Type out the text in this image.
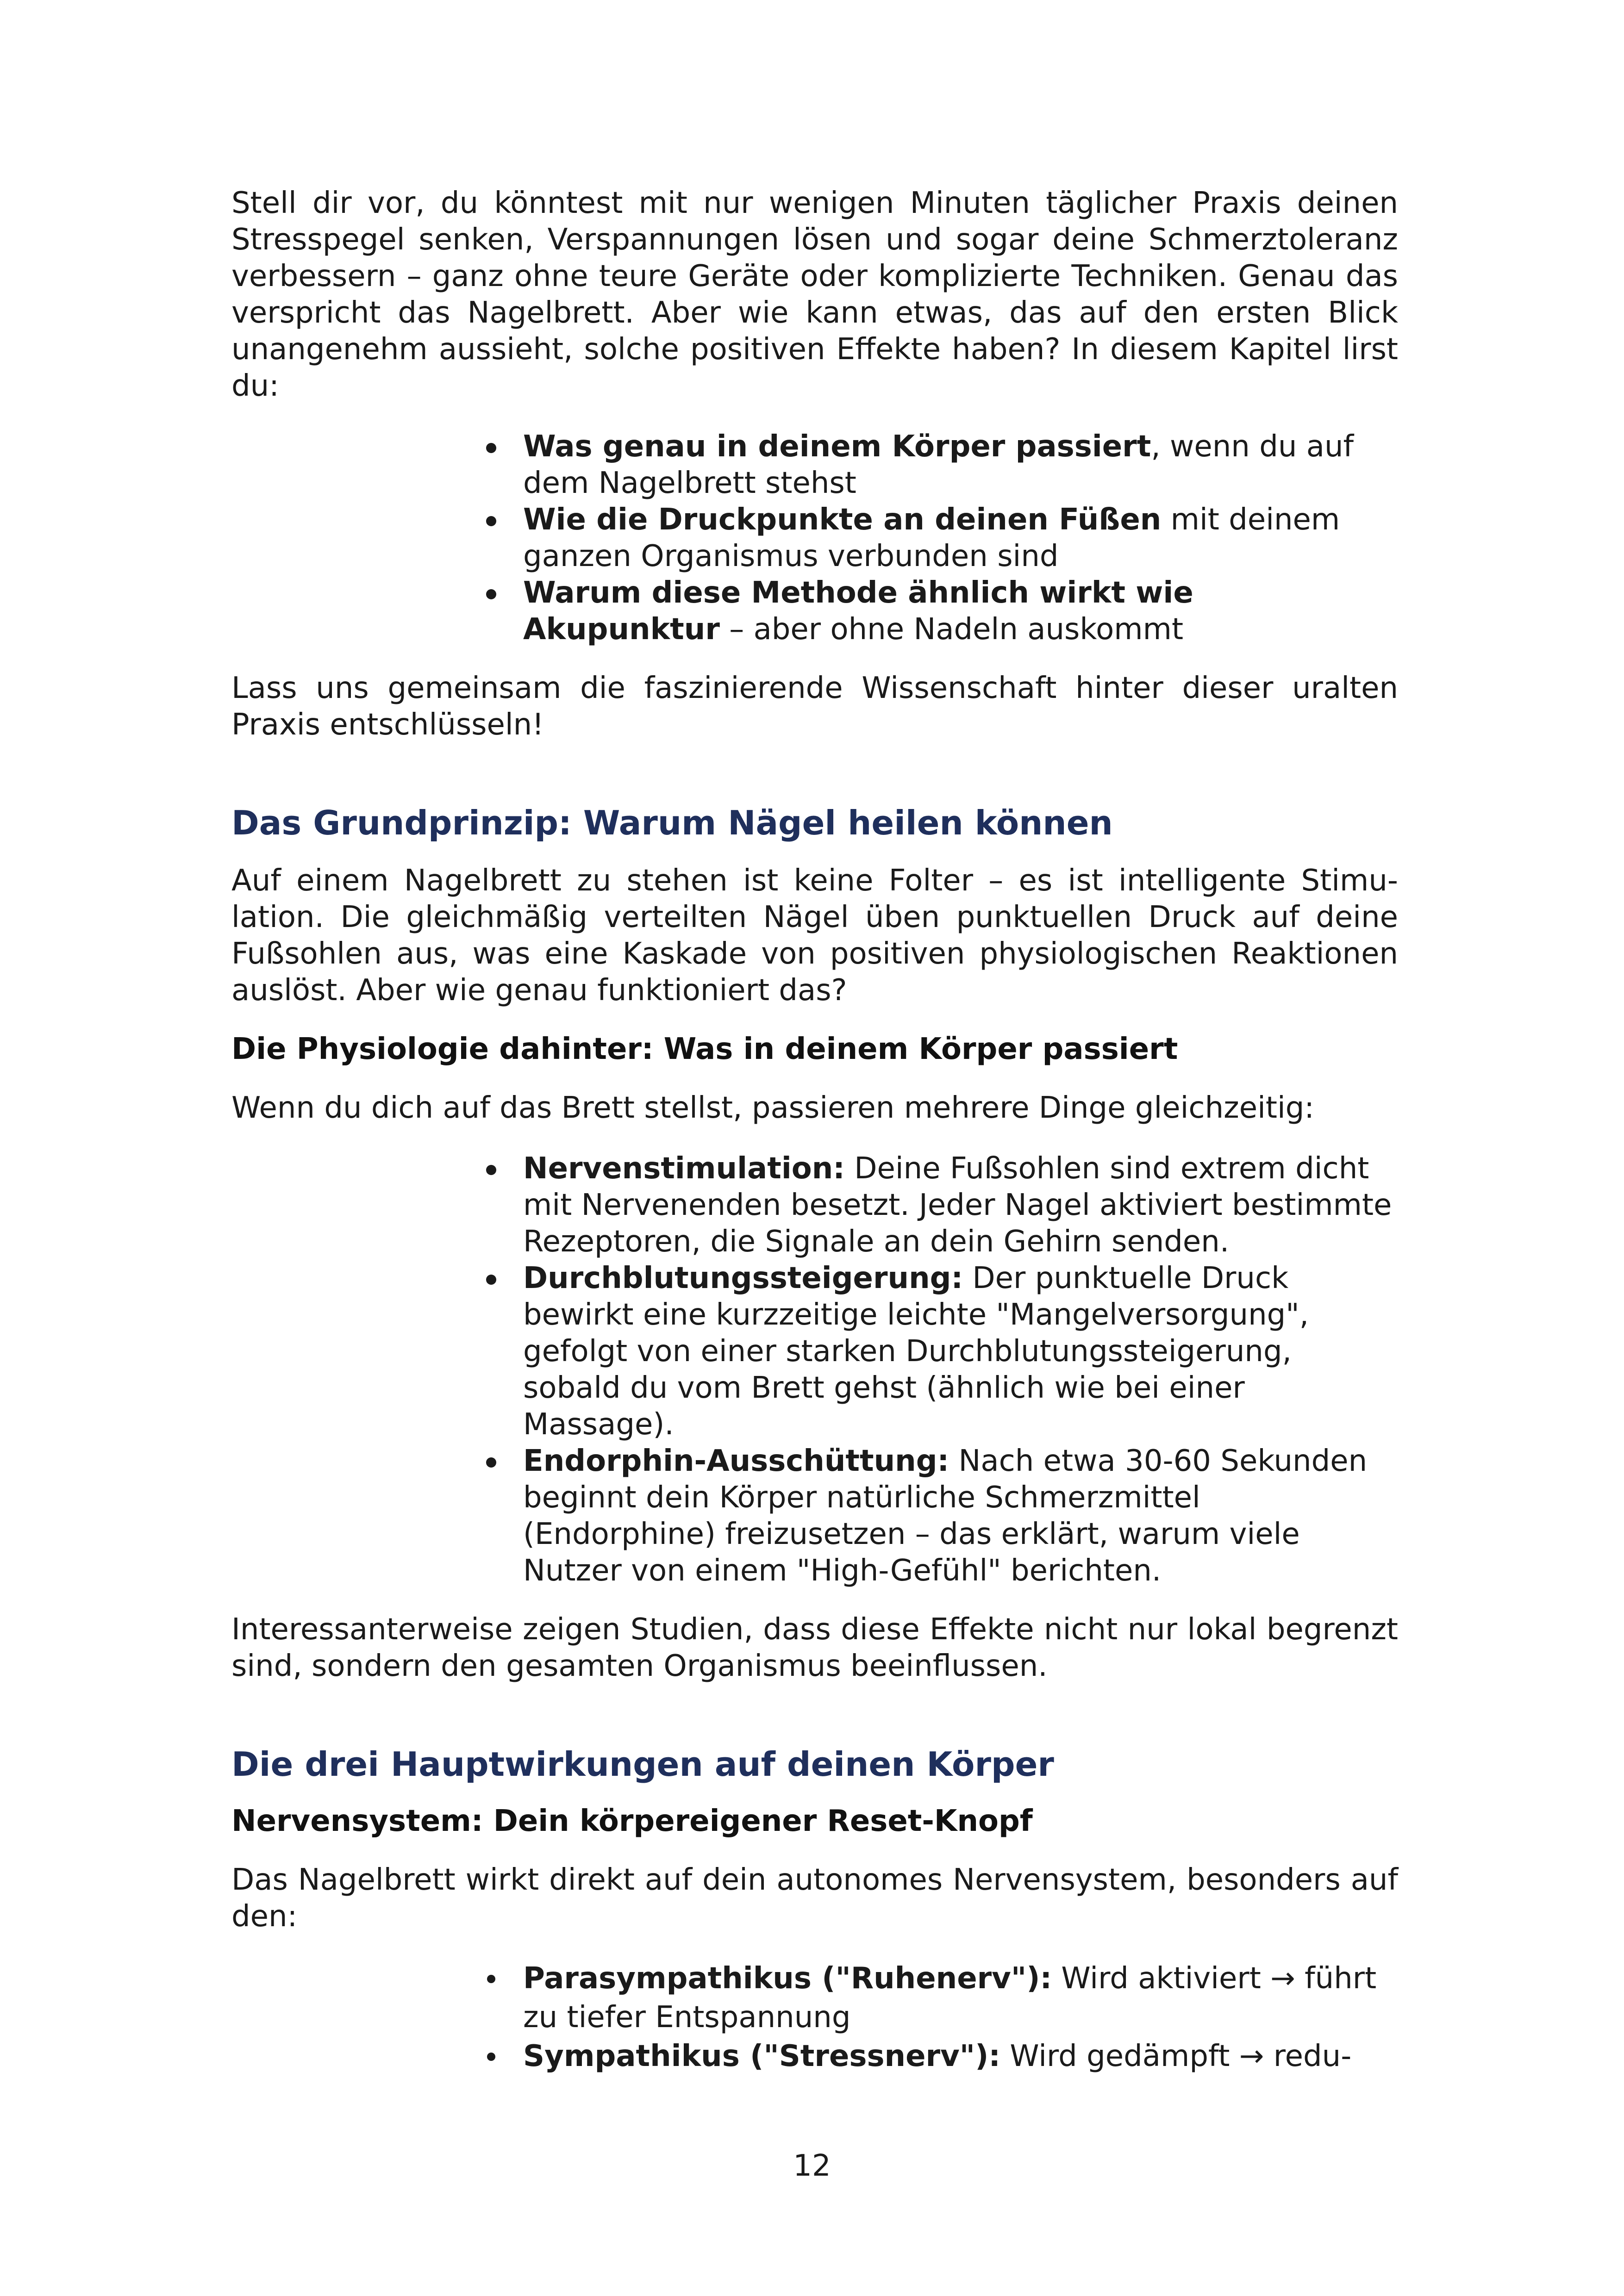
Stell dir vor, du könntest mit nur wenigen Minuten täglicher Praxis deinen Stresspegel senken, Verspannungen lösen und sogar deine Schmerztoleranz verbessern – ganz ohne teure Geräte oder komplizierte Techniken. Genau das verspricht das Nagelbrett. Aber wie kann etwas, das auf den ersten Blick unangenehm aussieht, solche positiven Effekte haben? In diesem Kapitel lirst du:

Was genau in deinem Körper passiert, wenn du auf dem Nagelbrett stehst
Wie die Druckpunkte an deinen Füßen mit deinem ganzen Organismus verbunden sind
Warum diese Methode ähnlich wirkt wie Akupunktur – aber ohne Nadeln auskommt

Lass uns gemeinsam die faszinierende Wissenschaft hinter dieser uralten Praxis entschlüsseln!

Das Grundprinzip: Warum Nägel heilen können

Auf einem Nagelbrett zu stehen ist keine Folter – es ist intelligente Stimulation. Die gleichmäßig verteilten Nägel üben punktuellen Druck auf deine Fußsohlen aus, was eine Kaskade von positiven physiologischen Reaktionen auslöst. Aber wie genau funktioniert das?

Die Physiologie dahinter: Was in deinem Körper passiert

Wenn du dich auf das Brett stellst, passieren mehrere Dinge gleichzeitig:

Nervenstimulation: Deine Fußsohlen sind extrem dicht mit Nervenenden besetzt. Jeder Nagel aktiviert bestimmte Rezeptoren, die Signale an dein Gehirn senden.
Durchblutungssteigerung: Der punktuelle Druck bewirkt eine kurzzeitige leichte "Mangelversorgung", gefolgt von einer starken Durchblutungssteigerung, sobald du vom Brett gehst (ähnlich wie bei einer Massage).
Endorphin-Ausschüttung: Nach etwa 30-60 Sekunden beginnt dein Körper natürliche Schmerzmittel (Endorphine) freizusetzen – das erklärt, warum viele Nutzer von einem "High-Gefühl" berichten.

Interessanterweise zeigen Studien, dass diese Effekte nicht nur lokal begrenzt sind, sondern den gesamten Organismus beeinflussen.

Die drei Hauptwirkungen auf deinen Körper
Nervensystem: Dein körpereigener Reset-Knopf

Das Nagelbrett wirkt direkt auf dein autonomes Nervensystem, besonders auf den:

Parasympathikus ("Ruhenerv"): Wird aktiviert → führt zu tiefer Entspannung
Sympathikus ("Stressnerv"): Wird gedämpft → redu-
12
